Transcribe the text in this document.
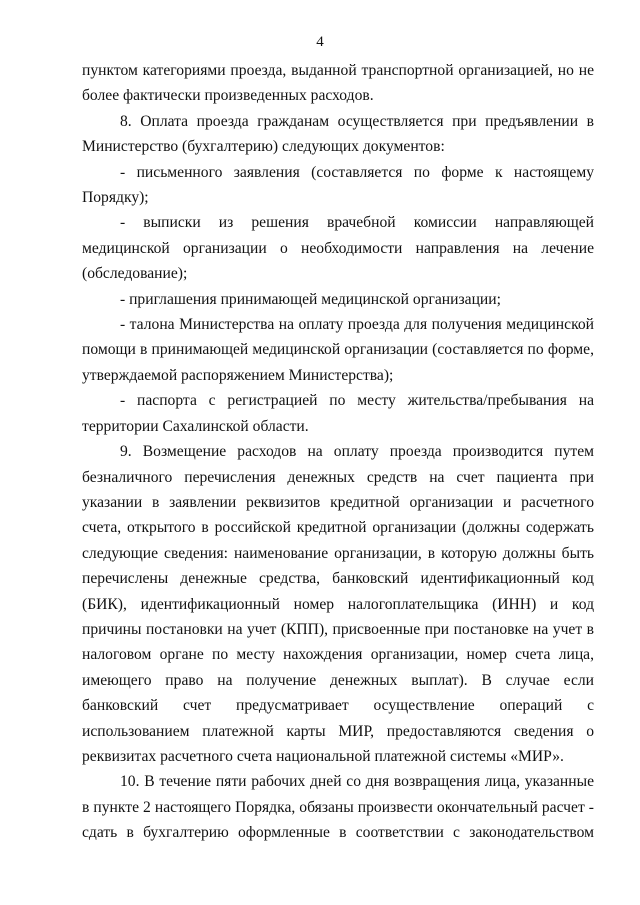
4

пунктом категориями проезда, выданной транспортной организацией, но не более фактически произведенных расходов.

8. Оплата проезда гражданам осуществляется при предъявлении в Министерство (бухгалтерию) следующих документов:

- письменного заявления (составляется по форме к настоящему Порядку);

- выписки из решения врачебной комиссии направляющей медицинской организации о необходимости направления на лечение (обследование);

- приглашения принимающей медицинской организации;

- талона Министерства на оплату проезда для получения медицинской помощи в принимающей медицинской организации (составляется по форме, утверждаемой распоряжением Министерства);

- паспорта с регистрацией по месту жительства/пребывания на территории Сахалинской области.

9. Возмещение расходов на оплату проезда производится путем безналичного перечисления денежных средств на счет пациента при указании в заявлении реквизитов кредитной организации и расчетного счета, открытого в российской кредитной организации (должны содержать следующие сведения: наименование организации, в которую должны быть перечислены денежные средства, банковский идентификационный код (БИК), идентификационный номер налогоплательщика (ИНН) и код причины постановки на учет (КПП), присвоенные при постановке на учет в налоговом органе по месту нахождения организации, номер счета лица, имеющего право на получение денежных выплат). В случае если банковский счет предусматривает осуществление операций с использованием платежной карты МИР, предоставляются сведения о реквизитах расчетного счета национальной платежной системы «МИР».

10. В течение пяти рабочих дней со дня возвращения лица, указанные в пункте 2 настоящего Порядка, обязаны произвести окончательный расчет - сдать в бухгалтерию оформленные в соответствии с законодательством
